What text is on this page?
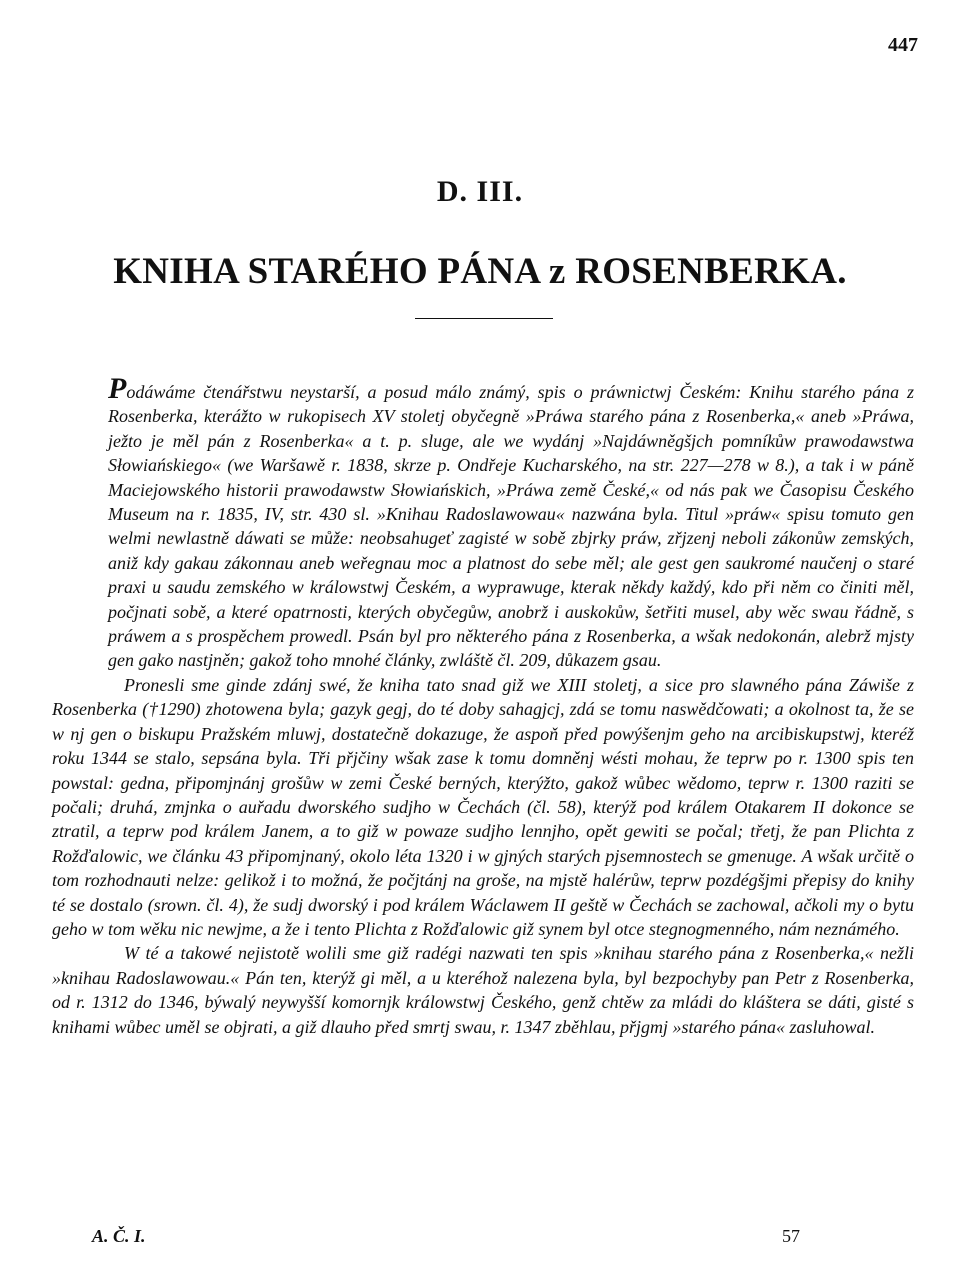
447
D. III.
KNIHA STARÉHO PÁNA z ROSENBERKA.

Podáwáme čtenářstwu neystarší, a posud málo známý, spis o práwnictwj Českém: Knihu starého pána z Rosenberka, kterážto w rukopisech XV stoletj obyčegně »Práwa starého pána z Rosenberka,« aneb »Práwa, ježto je měl pán z Rosenberka« a t. p. sluge, ale we wydánj »Najdáwněgšjch pomníkůw prawodawstwa Słowiańskiego« (we Waršawě r. 1838, skrze p. Ondřeje Kucharského, na str. 227—278 w 8.), a tak i w páně Maciejowského historii prawodawstw Słowiańskich, »Práwa země České,« od nás pak we Časopisu Českého Museum na r. 1835, IV, str. 430 sl. »Knihau Radoslawowau« nazwána byla. Titul »práw« spisu tomuto gen welmi newlastně dáwati se může: neobsahugeť zagisté w sobě zbjrky práw, zřjzenj neboli zákonůw zemských, aniž kdy gakau zákonnau aneb weřegnau moc a platnost do sebe měl; ale gest gen saukromé naučenj o staré praxi u saudu zemského w králowstwj Českém, a wyprawuge, kterak někdy každý, kdo při něm co činiti měl, počjnati sobě, a které opatrnosti, kterých obyčegůw, anobrž i auskokůw, šetřiti musel, aby wěc swau řádně, s práwem a s prospěchem prowedl. Psán byl pro některého pána z Rosenberka, a wšak nedokonán, alebrž mjsty gen gako nastjněn; gakož toho mnohé články, zwláště čl. 209, důkazem gsau.

Pronesli sme ginde zdánj swé, že kniha tato snad giž we XIII stoletj, a sice pro slawného pána Záwiše z Rosenberka (†1290) zhotowena byla; gazyk gegj, do té doby sahagjcj, zdá se tomu naswědčowati; a okolnost ta, že se w nj gen o biskupu Pražském mluwj, dostatečně dokazuge, že aspoň před powýšenjm geho na arcibiskupstwj, kteréž roku 1344 se stalo, sepsána byla. Tři přjčiny wšak zase k tomu domněnj wésti mohau, že teprw po r. 1300 spis ten powstal: gedna, připomjnánj grošůw w zemi České berných, kterýžto, gakož wůbec wědomo, teprw r. 1300 raziti se počali; druhá, zmjnka o auřadu dworského sudjho w Čechách (čl. 58), kterýž pod králem Otakarem II dokonce se ztratil, a teprw pod králem Janem, a to giž w powaze sudjho lennjho, opět gewiti se počal; třetj, že pan Plichta z Rožďalowic, we článku 43 připomjnaný, okolo léta 1320 i w gjných starých pjsemnostech se gmenuge. A wšak určitě o tom rozhodnauti nelze: gelikož i to možná, že počjtánj na groše, na mjstě halérůw, teprw pozdégšjmi přepisy do knihy té se dostalo (srown. čl. 4), že sudj dworský i pod králem Wáclawem II geště w Čechách se zachowal, ačkoli my o bytu geho w tom wěku nic newjme, a že i tento Plichta z Rožďalowic giž synem byl otce stegnogmenného, nám neznámého.

W té a takowé nejistotě wolili sme giž radégi nazwati ten spis »knihau starého pána z Rosenberka,« nežli »knihau Radoslawowau.« Pán ten, kterýž gi měl, a u kteréhož nalezena byla, byl bezpochyby pan Petr z Rosenberka, od r. 1312 do 1346, býwalý neywyšší komornjk králowstwj Českého, genž chtěw za mládi do kláštera se dáti, gisté s knihami wůbec uměl se objrati, a giž dlauho před smrtj swau, r. 1347 zběhlau, přjgmj »starého pána« zasluhowal.

A. Č. I.	57
